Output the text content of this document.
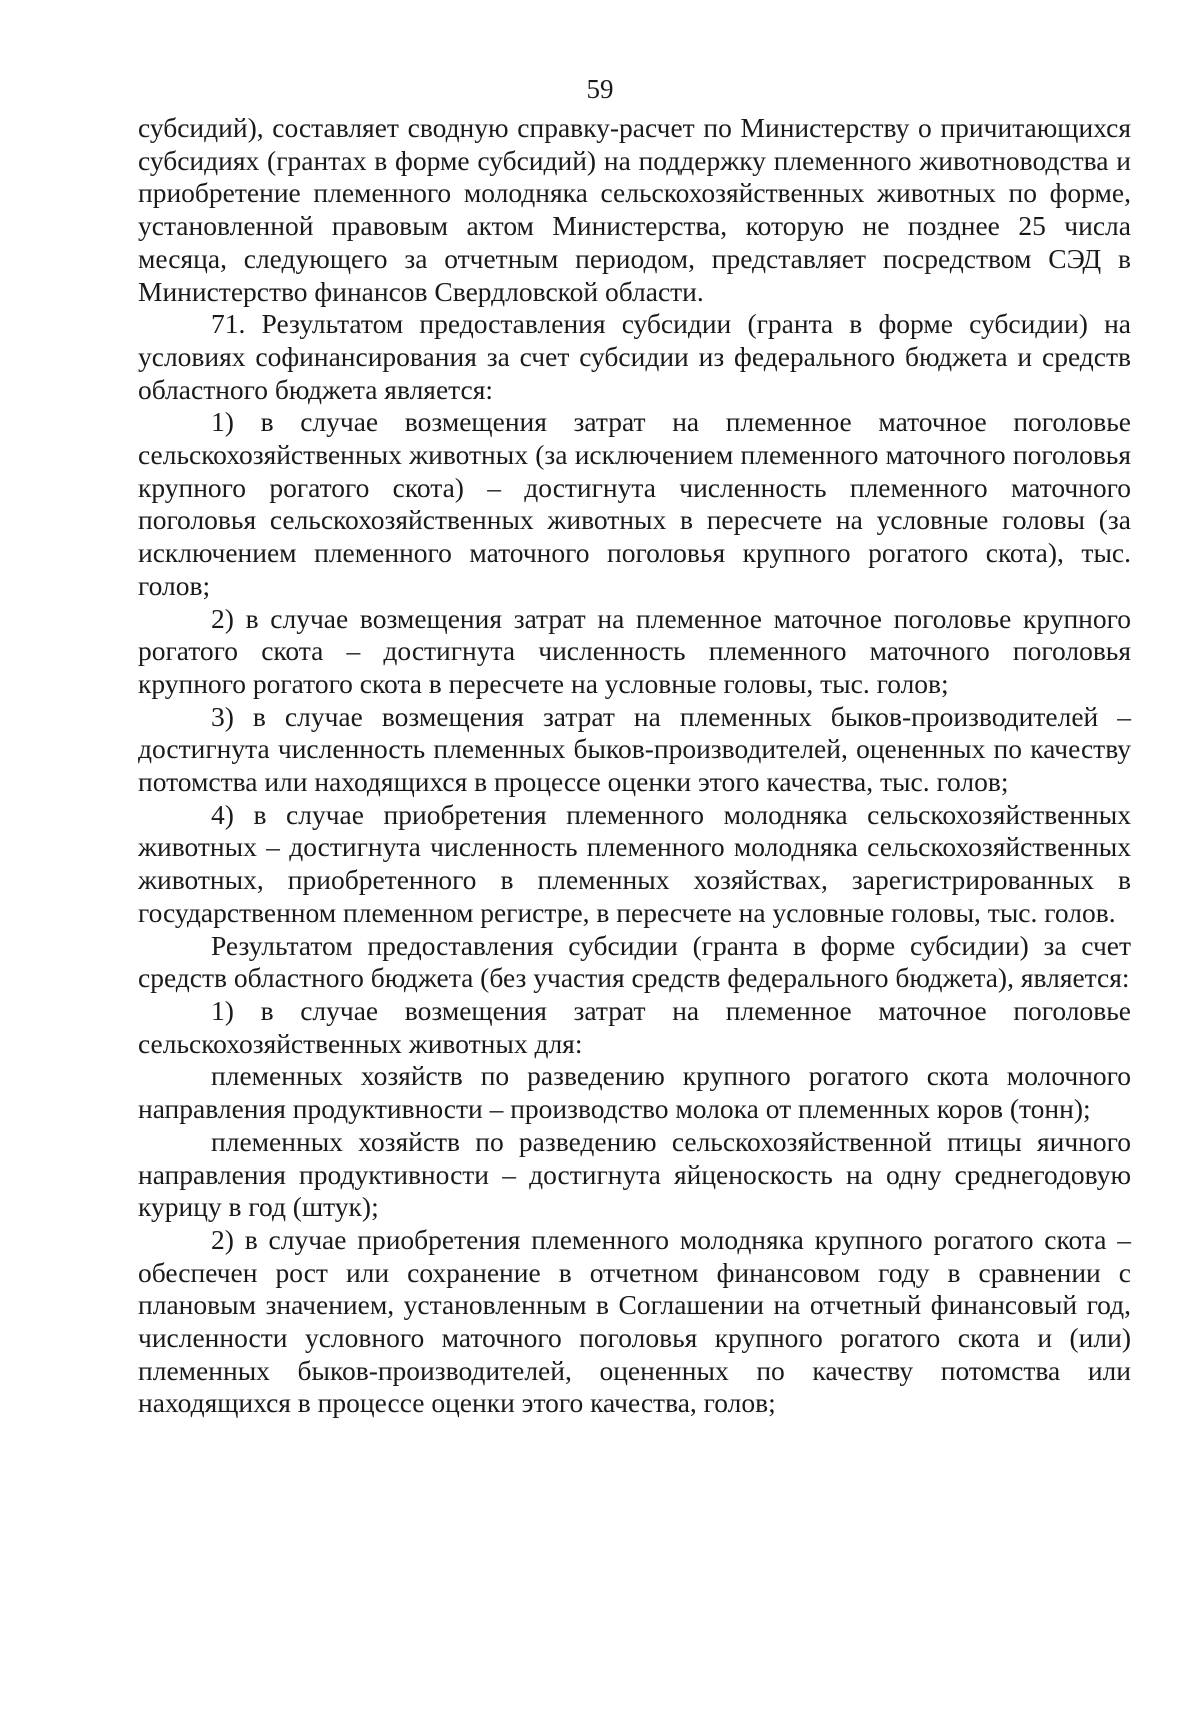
59

субсидий), составляет сводную справку-расчет по Министерству о причитающихся субсидиях (грантах в форме субсидий) на поддержку племенного животноводства и приобретение племенного молодняка сельскохозяйственных животных по форме, установленной правовым актом Министерства, которую не позднее 25 числа месяца, следующего за отчетным периодом, представляет посредством СЭД в Министерство финансов Свердловской области.

71. Результатом предоставления субсидии (гранта в форме субсидии) на условиях софинансирования за счет субсидии из федерального бюджета и средств областного бюджета является:

1) в случае возмещения затрат на племенное маточное поголовье сельскохозяйственных животных (за исключением племенного маточного поголовья крупного рогатого скота) – достигнута численность племенного маточного поголовья сельскохозяйственных животных в пересчете на условные головы (за исключением племенного маточного поголовья крупного рогатого скота), тыс. голов;

2) в случае возмещения затрат на племенное маточное поголовье крупного рогатого скота – достигнута численность племенного маточного поголовья крупного рогатого скота в пересчете на условные головы, тыс. голов;

3) в случае возмещения затрат на племенных быков-производителей – достигнута численность племенных быков-производителей, оцененных по качеству потомства или находящихся в процессе оценки этого качества, тыс. голов;

4) в случае приобретения племенного молодняка сельскохозяйственных животных – достигнута численность племенного молодняка сельскохозяйственных животных, приобретенного в племенных хозяйствах, зарегистрированных в государственном племенном регистре, в пересчете на условные головы, тыс. голов.

Результатом предоставления субсидии (гранта в форме субсидии) за счет средств областного бюджета (без участия средств федерального бюджета), является:

1) в случае возмещения затрат на племенное маточное поголовье сельскохозяйственных животных для:

племенных хозяйств по разведению крупного рогатого скота молочного направления продуктивности – производство молока от племенных коров (тонн);

племенных хозяйств по разведению сельскохозяйственной птицы яичного направления продуктивности – достигнута яйценоскость на одну среднегодовую курицу в год (штук);

2) в случае приобретения племенного молодняка крупного рогатого скота – обеспечен рост или сохранение в отчетном финансовом году в сравнении с плановым значением, установленным в Соглашении на отчетный финансовый год, численности условного маточного поголовья крупного рогатого скота и (или) племенных быков-производителей, оцененных по качеству потомства или находящихся в процессе оценки этого качества, голов;
